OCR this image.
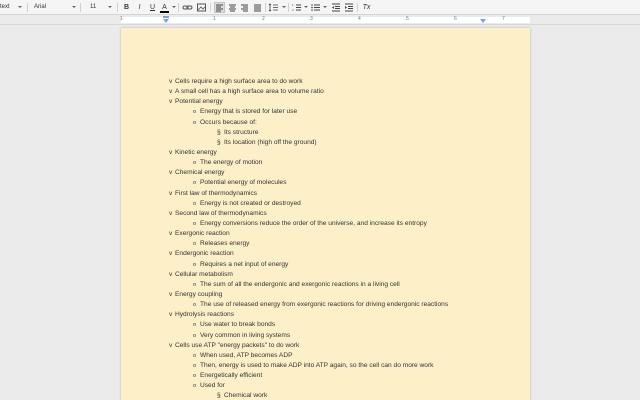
text	Arial	11	B	I	U	A	1
2	Tx
1	1	2	3	4	5	6	7
v Cells require a high surface area to do work
v A small cell has a high surface area to volume ratio
v Potential energy
o Energy that is stored for later use
o Occurs because of:
§ Its structure
§ Its location (high off the ground)
v Kinetic energy
o The energy of motion
v Chemical energy
o Potential energy of molecules
v First law of thermodynamics
o Energy is not created or destroyed
v Second law of thermodynamics
o Energy conversions reduce the order of the universe, and increase its entropy
v Exergonic reaction
o Releases energy
v Endergonic reaction
o Requires a net input of energy
v Cellular metabolism
o The sum of all the endergonic and exergonic reactions in a living cell
v Energy coupling
o The use of released energy from exergonic reactions for driving endergonic reactions
v Hydrolysis reactions
o Use water to break bonds
o Very common in living systems
v Cells use ATP "energy packets" to do work
o When used, ATP becomes ADP
o Then, energy is used to make ADP into ATP again, so the cell can do more work
o Energetically efficient
o Used for
§ Chemical work
